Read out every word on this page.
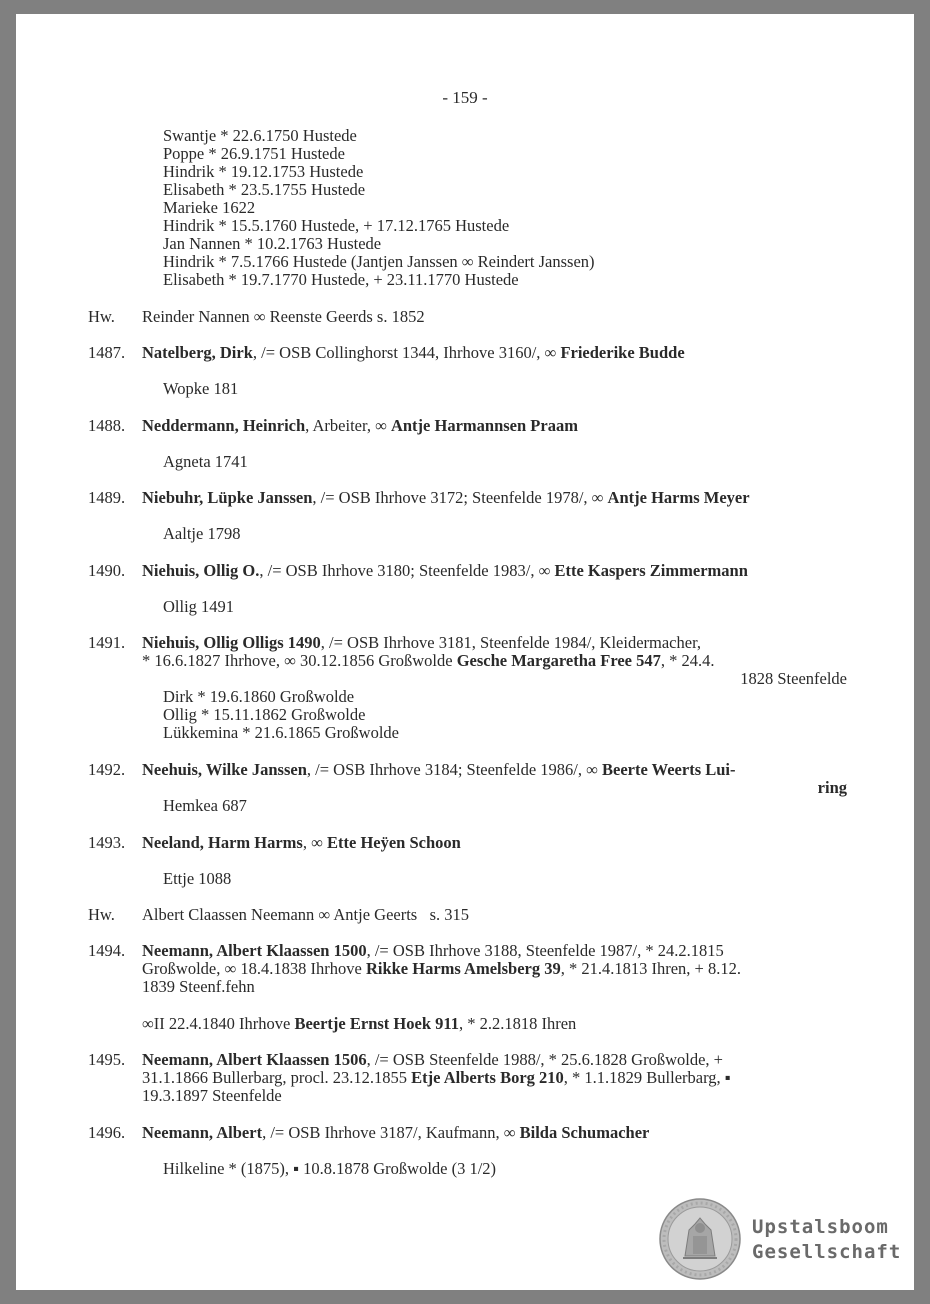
- 159 -
Swantje * 22.6.1750 Hustede
Poppe * 26.9.1751 Hustede
Hindrik * 19.12.1753 Hustede
Elisabeth * 23.5.1755 Hustede
Marieke 1622
Hindrik * 15.5.1760 Hustede, + 17.12.1765 Hustede
Jan Nannen * 10.2.1763 Hustede
Hindrik * 7.5.1766 Hustede (Jantjen Janssen ∞ Reindert Janssen)
Elisabeth * 19.7.1770 Hustede, + 23.11.1770 Hustede
Hw. Reinder Nannen ∞ Reenste Geerds s. 1852
1487. Natelberg, Dirk, /= OSB Collinghorst 1344, Ihrhove 3160/, ∞ Friederike Budde
Wopke 181
1488. Neddermann, Heinrich, Arbeiter, ∞ Antje Harmannsen Praam
Agneta 1741
1489. Niebuhr, Lüpke Janssen, /= OSB Ihrhove 3172; Steenfelde 1978/, ∞ Antje Harms Meyer
Aaltje 1798
1490. Niehuis, Ollig O., /= OSB Ihrhove 3180; Steenfelde 1983/, ∞ Ette Kaspers Zimmermann
Ollig 1491
1491. Niehuis, Ollig Olligs 1490, /= OSB Ihrhove 3181, Steenfelde 1984/, Kleidermacher,
* 16.6.1827 Ihrhove, ∞ 30.12.1856 Großwolde Gesche Margaretha Free 547, * 24.4.
1828 Steenfelde
Dirk * 19.6.1860 Großwolde
Ollig * 15.11.1862 Großwolde
Lükkemina * 21.6.1865 Großwolde
1492. Neehuis, Wilke Janssen, /= OSB Ihrhove 3184; Steenfelde 1986/, ∞ Beerte Weerts Lui-
ring
Hemkea 687
1493. Neeland, Harm Harms, ∞ Ette Heÿen Schoon
Ettje 1088
Hw. Albert Claassen Neemann ∞ Antje Geerts   s. 315
1494. Neemann, Albert Klaassen 1500, /= OSB Ihrhove 3188, Steenfelde 1987/, * 24.2.1815
Großwolde, ∞ 18.4.1838 Ihrhove Rikke Harms Amelsberg 39, * 21.4.1813 Ihren, + 8.12.
1839 Steenf.fehn
∞II 22.4.1840 Ihrhove Beertje Ernst Hoek 911, * 2.2.1818 Ihren
1495. Neemann, Albert Klaassen 1506, /= OSB Steenfelde 1988/, * 25.6.1828 Großwolde, +
31.1.1866 Bullerbarg, procl. 23.12.1855 Etje Alberts Borg 210, * 1.1.1829 Bullerbarg, ▪
19.3.1897 Steenfelde
1496. Neemann, Albert, /= OSB Ihrhove 3187/, Kaufmann, ∞ Bilda Schumacher
Hilkeline * (1875), ▪ 10.8.1878 Großwolde (3 1/2)
Upstalsboom
Gesellschaft
